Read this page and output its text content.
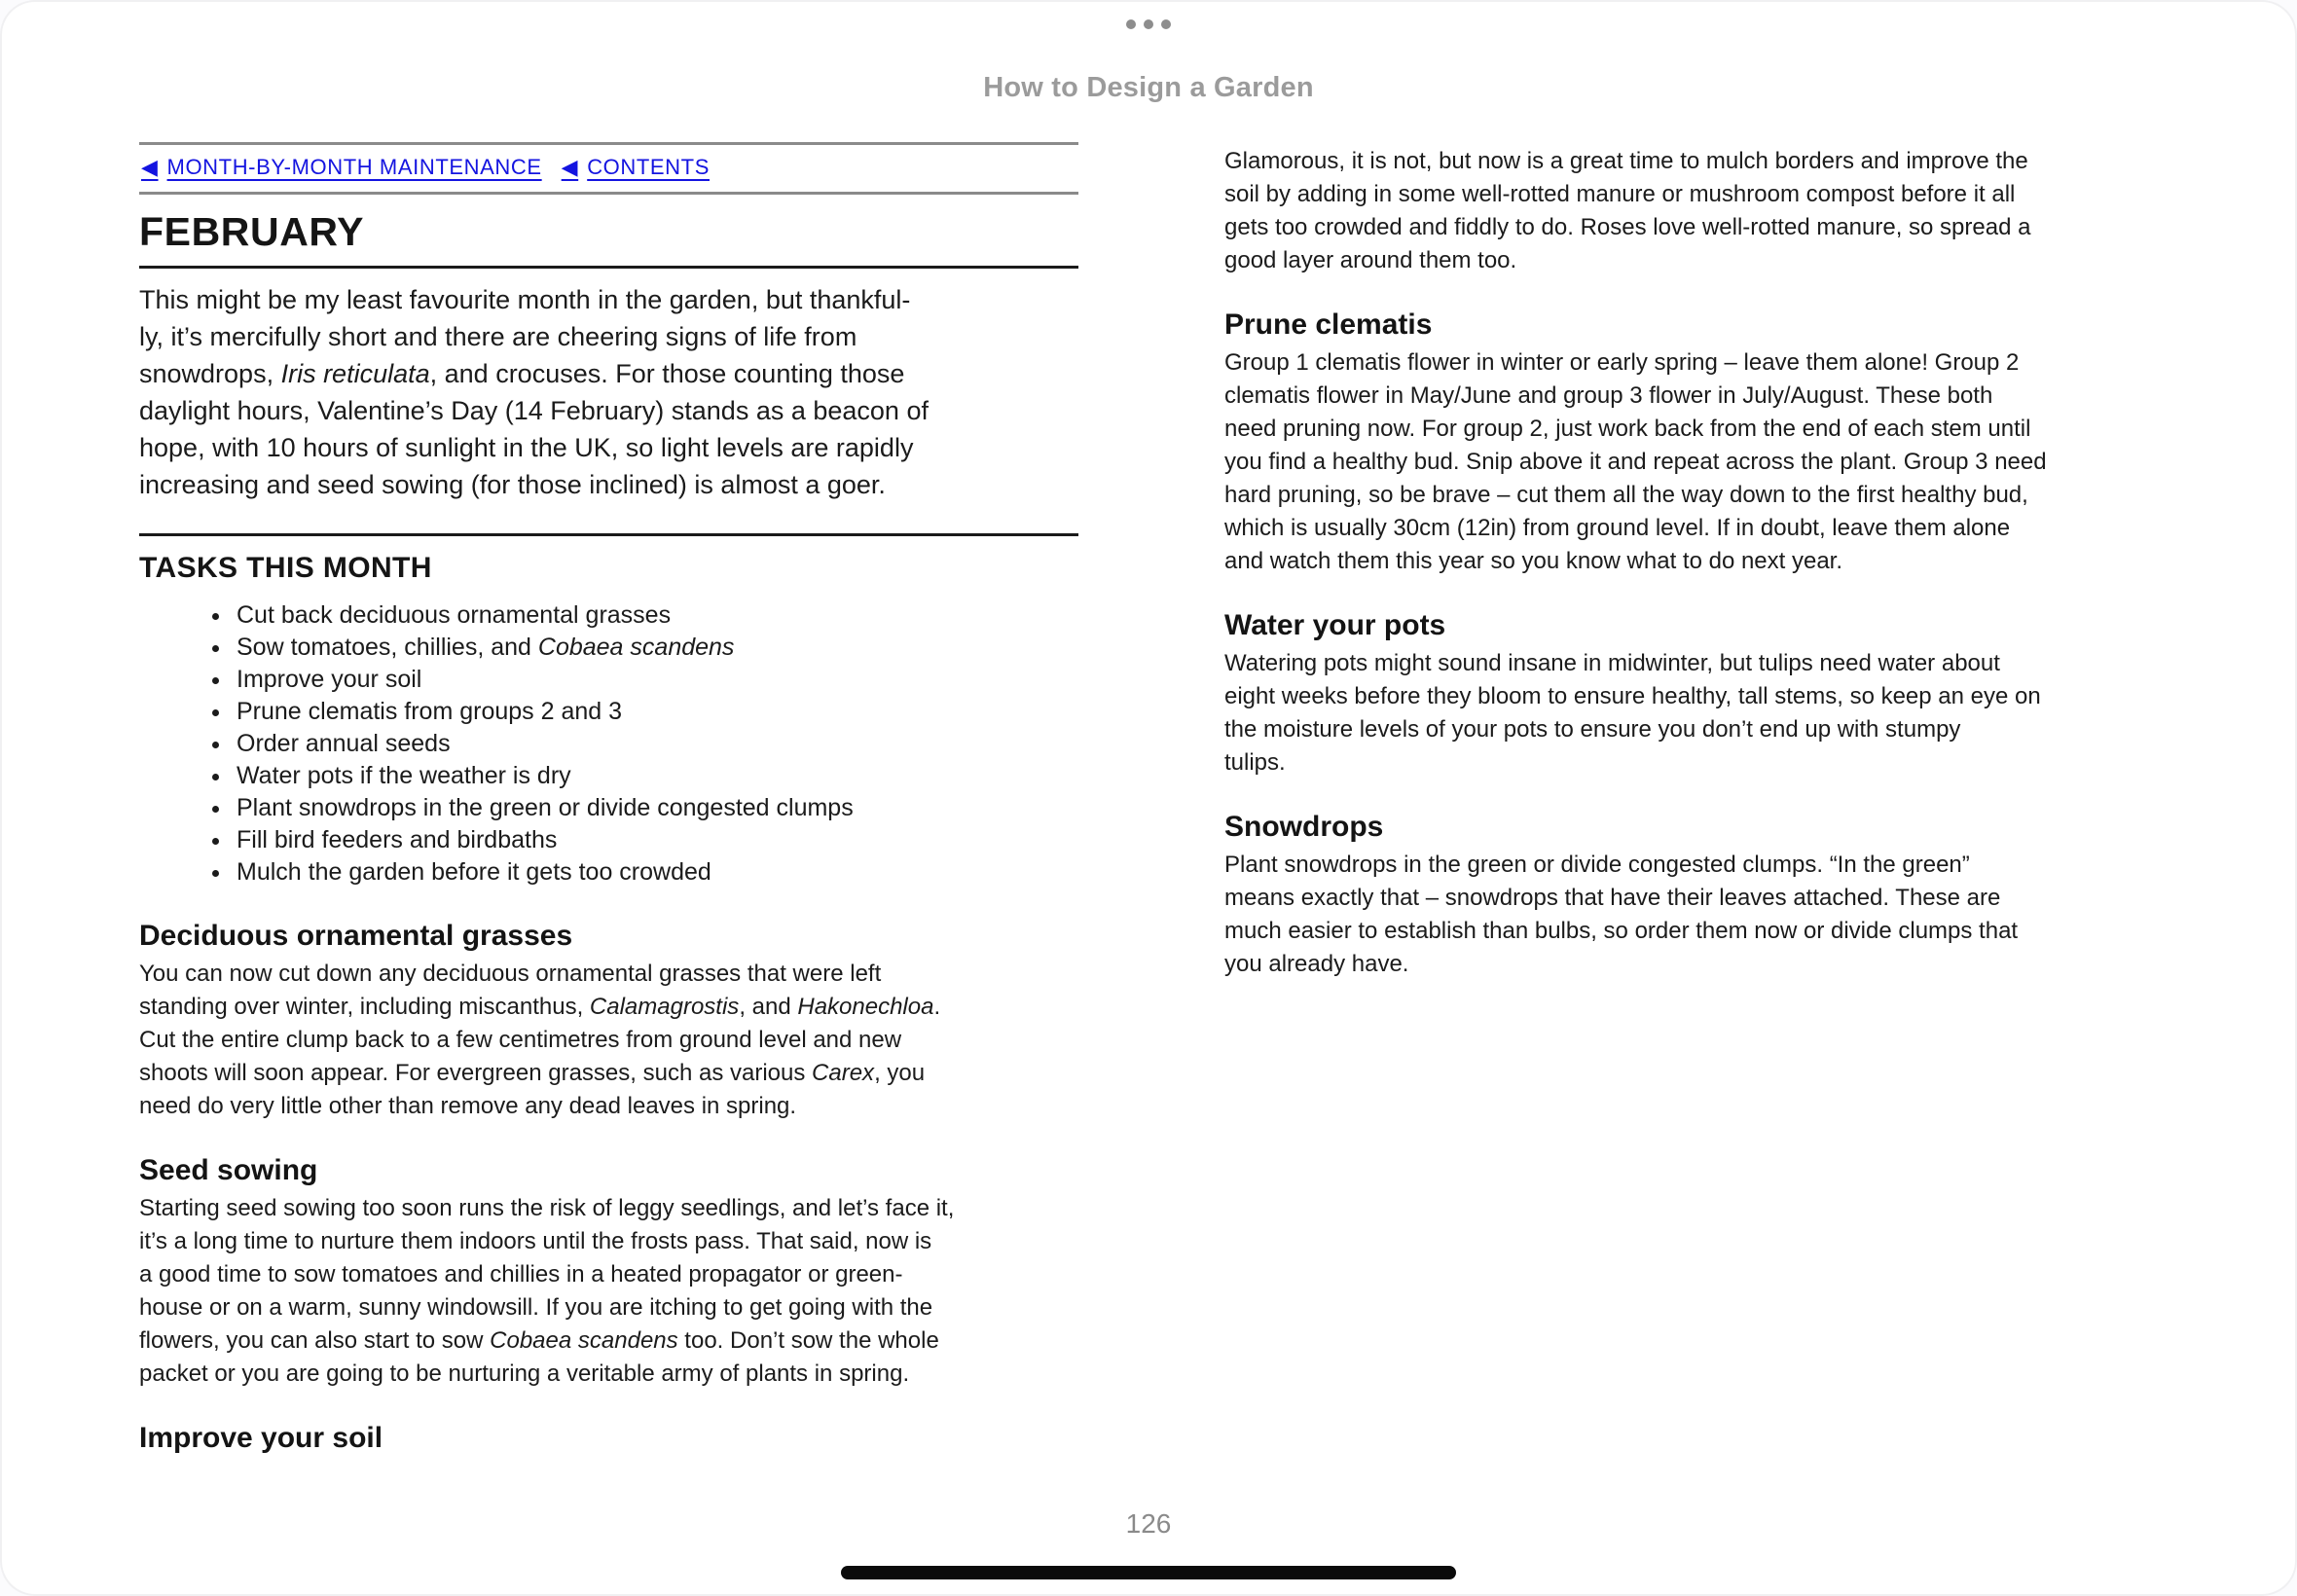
How to Design a Garden
◀ MONTH-BY-MONTH MAINTENANCE ◀ CONTENTS
FEBRUARY

This might be my least favourite month in the garden, but thankful-
ly, it’s mercifully short and there are cheering signs of life from
snowdrops, Iris reticulata, and crocuses. For those counting those
daylight hours, Valentine’s Day (14 February) stands as a beacon of
hope, with 10 hours of sunlight in the UK, so light levels are rapidly
increasing and seed sowing (for those inclined) is almost a goer.

TASKS THIS MONTH
• Cut back deciduous ornamental grasses
• Sow tomatoes, chillies, and Cobaea scandens
• Improve your soil
• Prune clematis from groups 2 and 3
• Order annual seeds
• Water pots if the weather is dry
• Plant snowdrops in the green or divide congested clumps
• Fill bird feeders and birdbaths
• Mulch the garden before it gets too crowded
Deciduous ornamental grasses

You can now cut down any deciduous ornamental grasses that were left
standing over winter, including miscanthus, Calamagrostis, and Hakonechloa.
Cut the entire clump back to a few centimetres from ground level and new
shoots will soon appear. For evergreen grasses, such as various Carex, you
need do very little other than remove any dead leaves in spring.

Seed sowing

Starting seed sowing too soon runs the risk of leggy seedlings, and let’s face it,
it’s a long time to nurture them indoors until the frosts pass. That said, now is
a good time to sow tomatoes and chillies in a heated propagator or green-
house or on a warm, sunny windowsill. If you are itching to get going with the
flowers, you can also start to sow Cobaea scandens too. Don’t sow the whole
packet or you are going to be nurturing a veritable army of plants in spring.

Improve your soil

Glamorous, it is not, but now is a great time to mulch borders and improve the
soil by adding in some well-rotted manure or mushroom compost before it all
gets too crowded and fiddly to do. Roses love well-rotted manure, so spread a
good layer around them too.

Prune clematis

Group 1 clematis flower in winter or early spring – leave them alone! Group 2
clematis flower in May/June and group 3 flower in July/August. These both
need pruning now. For group 2, just work back from the end of each stem until
you find a healthy bud. Snip above it and repeat across the plant. Group 3 need
hard pruning, so be brave – cut them all the way down to the first healthy bud,
which is usually 30cm (12in) from ground level. If in doubt, leave them alone
and watch them this year so you know what to do next year.

Water your pots

Watering pots might sound insane in midwinter, but tulips need water about
eight weeks before they bloom to ensure healthy, tall stems, so keep an eye on
the moisture levels of your pots to ensure you don’t end up with stumpy
tulips.

Snowdrops

Plant snowdrops in the green or divide congested clumps. “In the green”
means exactly that – snowdrops that have their leaves attached. These are
much easier to establish than bulbs, so order them now or divide clumps that
you already have.

126
